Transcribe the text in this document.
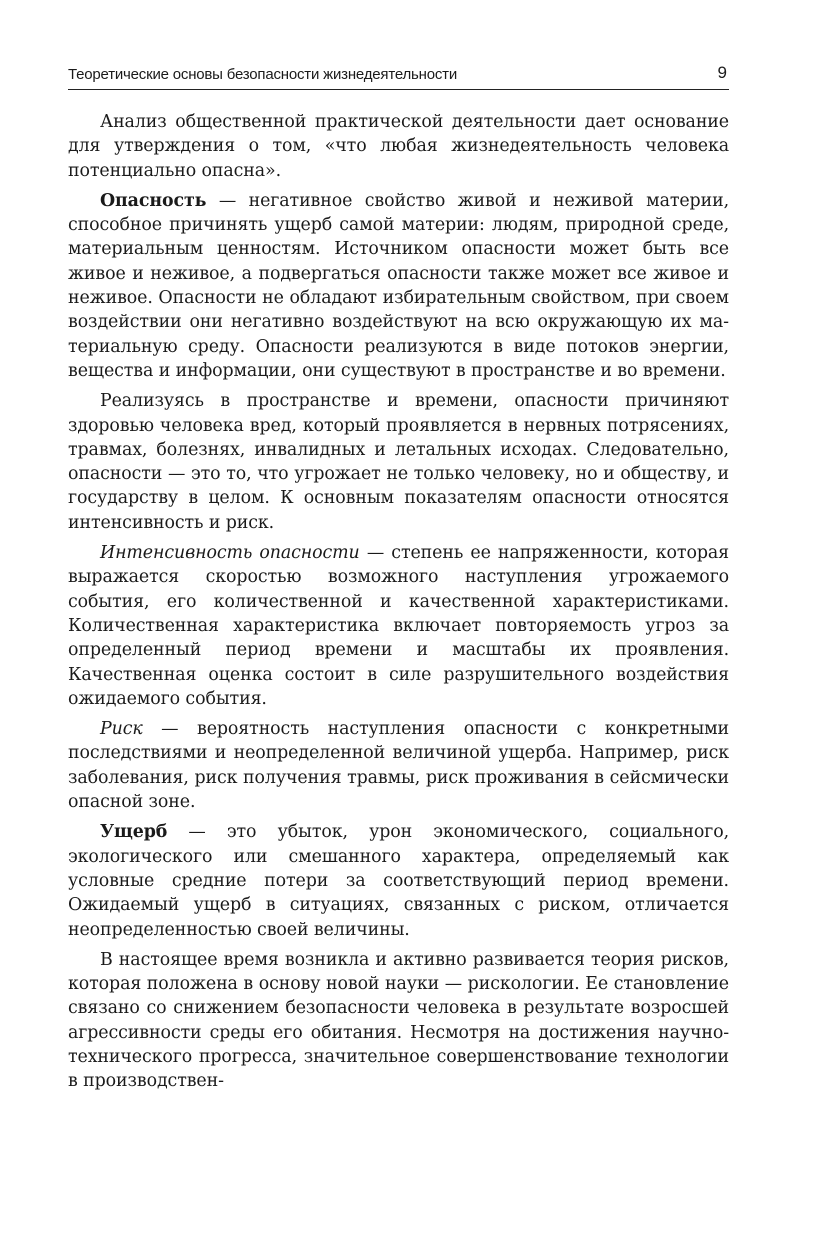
Теоретические основы безопасности жизнедеятельности	9

Анализ общественной практической деятельности дает основание для утверждения о том, «что любая жизнедеятельность человека потенциально опасна».

Опасность — негативное свойство живой и неживой материи, способное причинять ущерб самой материи: людям, природной среде, материальным ценностям. Источником опасности может быть все живое и неживое, а подвергаться опасности также может все живое и неживое. Опасности не обладают избирательным свойством, при своем воздействии они негативно воздействуют на всю окружающую их материальную среду. Опасности реализуются в виде потоков энергии, вещества и информации, они существуют в пространстве и во времени.

Реализуясь в пространстве и времени, опасности причиняют здоровью человека вред, который проявляется в нервных потрясениях, травмах, болезнях, инвалидных и летальных исходах. Следовательно, опасности — это то, что угрожает не только человеку, но и обществу, и государству в целом. К основным показателям опасности относятся интенсивность и риск.

Интенсивность опасности — степень ее напряженности, которая выражается скоростью возможного наступления угрожаемого события, его количественной и качественной характеристиками. Количественная характеристика включает повторяемость угроз за определенный период времени и масштабы их проявления. Качественная оценка состоит в силе разрушительного воздействия ожидаемого события.

Риск — вероятность наступления опасности с конкретными последствиями и неопределенной величиной ущерба. Например, риск заболевания, риск получения травмы, риск проживания в сейсмически опасной зоне.

Ущерб — это убыток, урон экономического, социального, экологического или смешанного характера, определяемый как условные средние потери за соответствующий период времени. Ожидаемый ущерб в ситуациях, связанных с риском, отличается неопределенностью своей величины.

В настоящее время возникла и активно развивается теория рисков, которая положена в основу новой науки — рискологии. Ее становление связано со снижением безопасности человека в результате возросшей агрессивности среды его обитания. Несмотря на достижения научно-технического прогресса, значительное совершенствование технологии в производствен-
